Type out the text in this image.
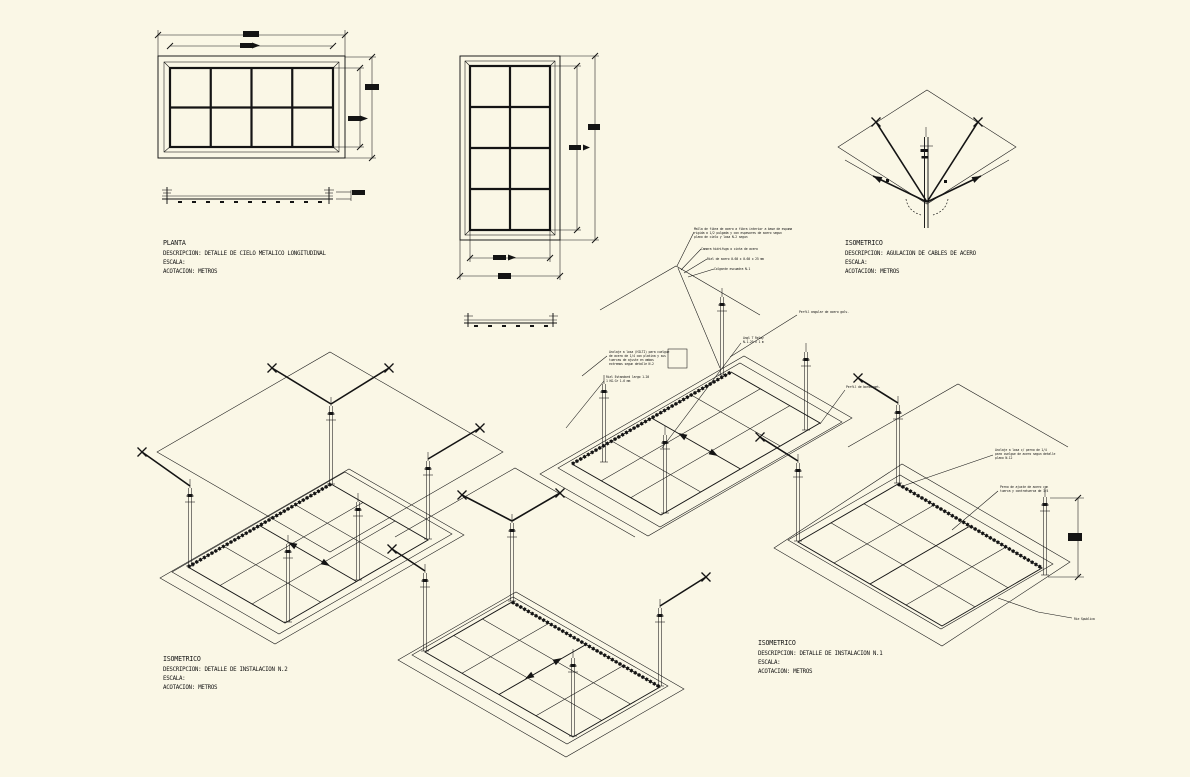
Malla de fibra de acero a fibra interior a base de espuma
rigida a 1/2 pulgada y con espesores de acero segun
plano de cielo y losa N.2 segun
Camara hidrifuga o cinta de acero
Riel de acero 0.60 x 0.60 x 25 mm
Colgante escuadra N.1
Anclaje a losa (HILTI) para cuelgue
de acero de 1/4 con platina y sus
tuercas de ajuste en ambos
extremos segun detalle N.2
Riel Estandard largo 1.20
1 KG.Gr 1.6 mm
Angl T Relay
N.1.20 x 1 m
Perfil angular de acero galv.
Perfil de borde met.
Anclaje a losa c/ perno de 1/4
para cuelgue de acero segun detalle
plano N.12
Perno de ajuste de acero con
tuerca y contratuerca de 1/4
Rie Spublica
PLANTA
DESCRIPCION: DETALLE DE CIELO METALICO LONGITUDINAL
ESCALA:
ACOTACION: METROS
ISOMETRICO
DESCRIPCION: AGULACION DE CABLES DE ACERO
ESCALA:
ACOTACION: METROS
ISOMETRICO
DESCRIPCION: DETALLE DE INSTALACION N.2
ESCALA:
ACOTACION: METROS
ISOMETRICO
DESCRIPCION: DETALLE DE INSTALACION N.1
ESCALA:
ACOTACION: METROS
